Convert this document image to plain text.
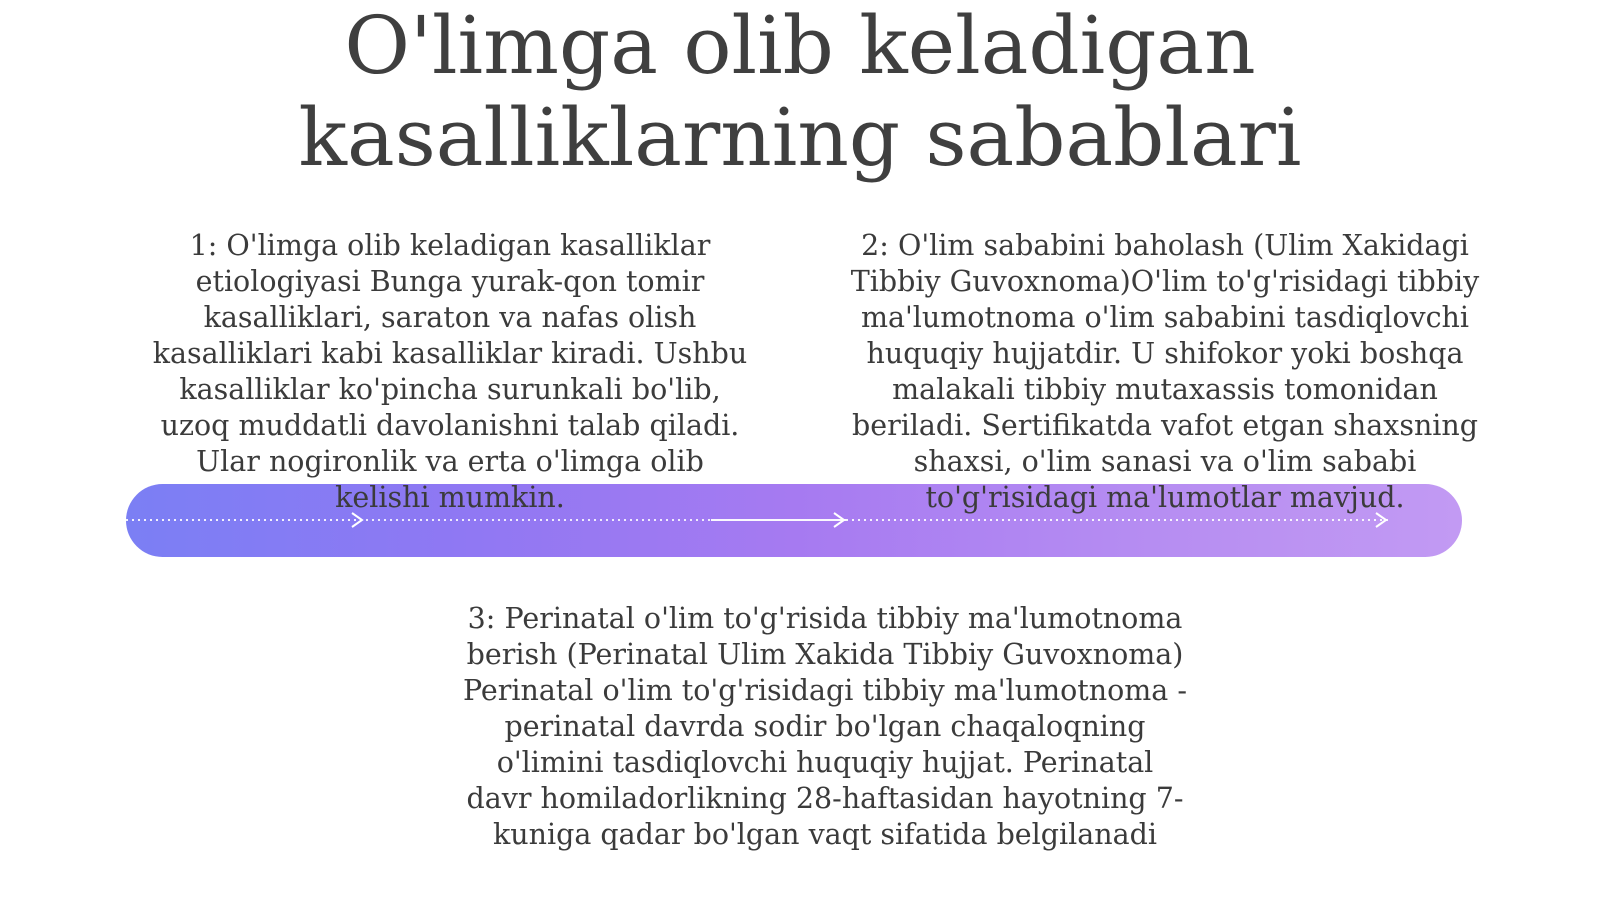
O'limga olib keladigan
kasalliklarning sabablari

1: O'limga olib keladigan kasalliklar etiologiyasi Bunga yurak-qon tomir kasalliklari, saraton va nafas olish kasalliklari kabi kasalliklar kiradi. Ushbu kasalliklar ko'pincha surunkali bo'lib, uzoq muddatli davolanishni talab qiladi. Ular nogironlik va erta o'limga olib kelishi mumkin.

2: O'lim sababini baholash (Ulim Xakidagi Tibbiy Guvoxnoma)O'lim to'g'risidagi tibbiy ma'lumotnoma o'lim sababini tasdiqlovchi huquqiy hujjatdir. U shifokor yoki boshqa malakali tibbiy mutaxassis tomonidan beriladi. Sertifikatda vafot etgan shaxsning shaxsi, o'lim sanasi va o'lim sababi to'g'risidagi ma'lumotlar mavjud.

3: Perinatal o'lim to'g'risida tibbiy ma'lumotnoma berish (Perinatal Ulim Xakida Tibbiy Guvoxnoma) Perinatal o'lim to'g'risidagi tibbiy ma'lumotnoma - perinatal davrda sodir bo'lgan chaqaloqning o'limini tasdiqlovchi huquqiy hujjat. Perinatal davr homiladorlikning 28-haftasidan hayotning 7-kuniga qadar bo'lgan vaqt sifatida belgilanadi
